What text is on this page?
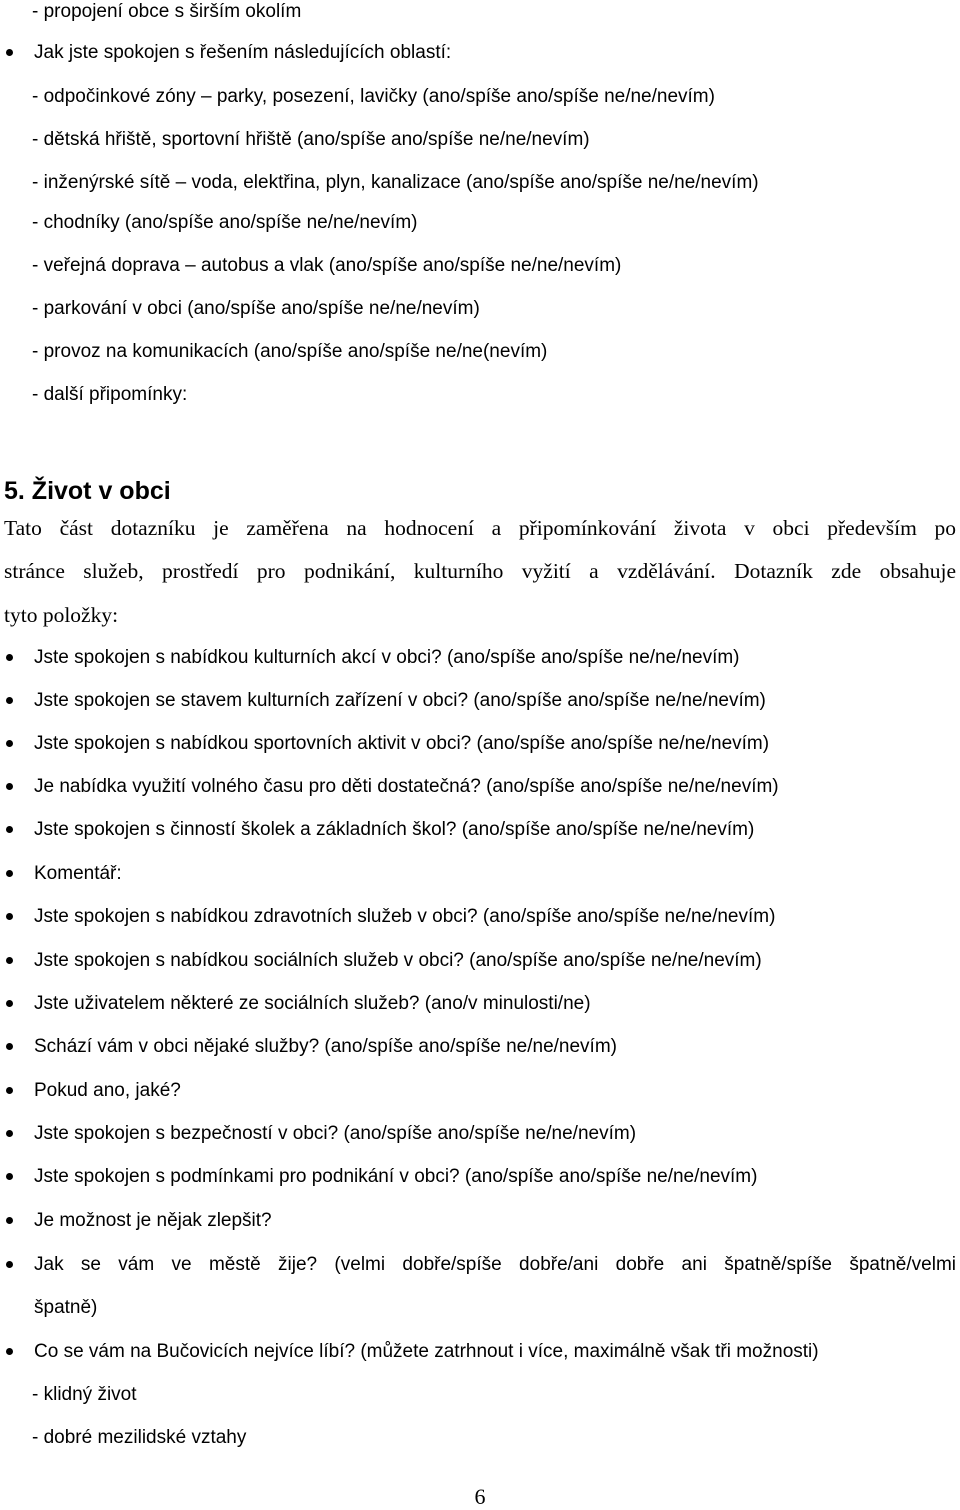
- propojení obce s širším okolím
Jak jste spokojen s řešením následujících oblastí:
- odpočinkové zóny – parky, posezení, lavičky (ano/spíše ano/spíše ne/ne/nevím)
- dětská hřiště, sportovní hřiště (ano/spíše ano/spíše ne/ne/nevím)
- inženýrské sítě – voda, elektřina, plyn, kanalizace (ano/spíše ano/spíše ne/ne/nevím)
- chodníky (ano/spíše ano/spíše ne/ne/nevím)
- veřejná doprava – autobus a vlak (ano/spíše ano/spíše ne/ne/nevím)
- parkování v obci (ano/spíše ano/spíše ne/ne/nevím)
- provoz na komunikacích (ano/spíše ano/spíše ne/ne(nevím)
- další připomínky:
5. Život v obci
Tato část dotazníku je zaměřena na hodnocení a připomínkování života v obci především po
stránce služeb, prostředí pro podnikání, kulturního vyžití a vzdělávání. Dotazník zde obsahuje
tyto položky:
Jste spokojen s nabídkou kulturních akcí v obci? (ano/spíše ano/spíše ne/ne/nevím)
Jste spokojen se stavem kulturních zařízení v obci? (ano/spíše ano/spíše ne/ne/nevím)
Jste spokojen s nabídkou sportovních aktivit v obci? (ano/spíše ano/spíše ne/ne/nevím)
Je nabídka využití volného času pro děti dostatečná? (ano/spíše ano/spíše ne/ne/nevím)
Jste spokojen s činností školek a základních škol? (ano/spíše ano/spíše ne/ne/nevím)
Komentář:
Jste spokojen s nabídkou zdravotních služeb v obci? (ano/spíše ano/spíše ne/ne/nevím)
Jste spokojen s nabídkou sociálních služeb v obci? (ano/spíše ano/spíše ne/ne/nevím)
Jste uživatelem některé ze sociálních služeb? (ano/v minulosti/ne)
Schází vám v obci nějaké služby? (ano/spíše ano/spíše ne/ne/nevím)
Pokud ano, jaké?
Jste spokojen s bezpečností v obci? (ano/spíše ano/spíše ne/ne/nevím)
Jste spokojen s podmínkami pro podnikání v obci? (ano/spíše ano/spíše ne/ne/nevím)
Je možnost je nějak zlepšit?
Jak se vám ve městě žije? (velmi dobře/spíše dobře/ani dobře ani špatně/spíše špatně/velmi
špatně)
Co se vám na Bučovicích nejvíce líbí? (můžete zatrhnout i více, maximálně však tři možnosti)
- klidný život
- dobré mezilidské vztahy
6
